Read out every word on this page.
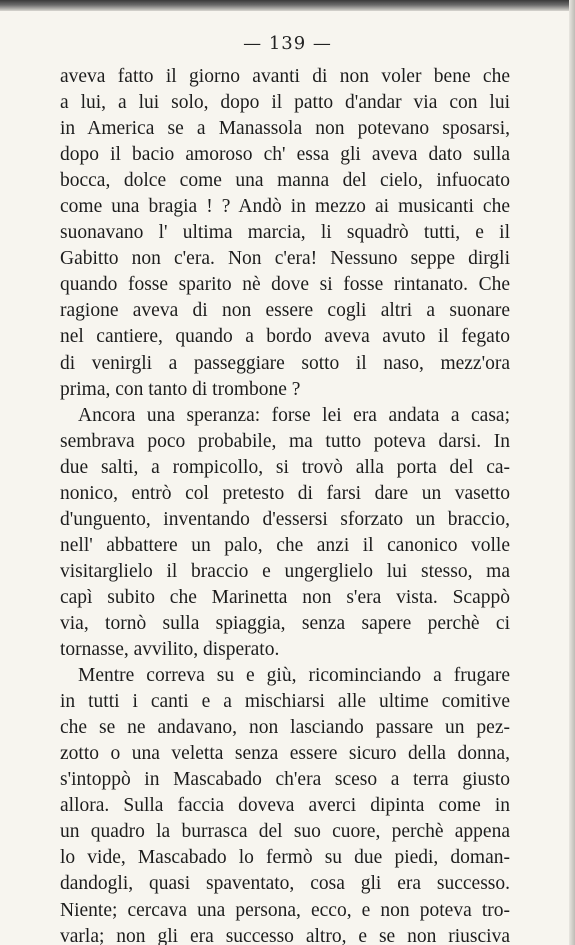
— 139 —
aveva fatto il giorno avanti di non voler bene che
a lui, a lui solo, dopo il patto d'andar via con lui
in America se a Manassola non potevano sposarsi,
dopo il bacio amoroso ch' essa gli aveva dato sulla
bocca, dolce come una manna del cielo, infuocato
come una bragia ! ? Andò in mezzo ai musicanti che
suonavano l' ultima marcia, li squadrò tutti, e il
Gabitto non c'era. Non c'era! Nessuno seppe dirgli
quando fosse sparito nè dove si fosse rintanato. Che
ragione aveva di non essere cogli altri a suonare
nel cantiere, quando a bordo aveva avuto il fegato
di venirgli a passeggiare sotto il naso, mezz'ora
prima, con tanto di trombone ?
Ancora una speranza: forse lei era andata a casa;
sembrava poco probabile, ma tutto poteva darsi. In
due salti, a rompicollo, si trovò alla porta del ca-
nonico, entrò col pretesto di farsi dare un vasetto
d'unguento, inventando d'essersi sforzato un braccio,
nell' abbattere un palo, che anzi il canonico volle
visitarglielo il braccio e ungerglielo lui stesso, ma
capì subito che Marinetta non s'era vista. Scappò
via, tornò sulla spiaggia, senza sapere perchè ci
tornasse, avvilito, disperato.
Mentre correva su e giù, ricominciando a frugare
in tutti i canti e a mischiarsi alle ultime comitive
che se ne andavano, non lasciando passare un pez-
zotto o una veletta senza essere sicuro della donna,
s'intoppò in Mascabado ch'era sceso a terra giusto
allora. Sulla faccia doveva averci dipinta come in
un quadro la burrasca del suo cuore, perchè appena
lo vide, Mascabado lo fermò su due piedi, doman-
dandogli, quasi spaventato, cosa gli era successo.
Niente; cercava una persona, ecco, e non poteva tro-
varla; non gli era successo altro, e se non riusciva
